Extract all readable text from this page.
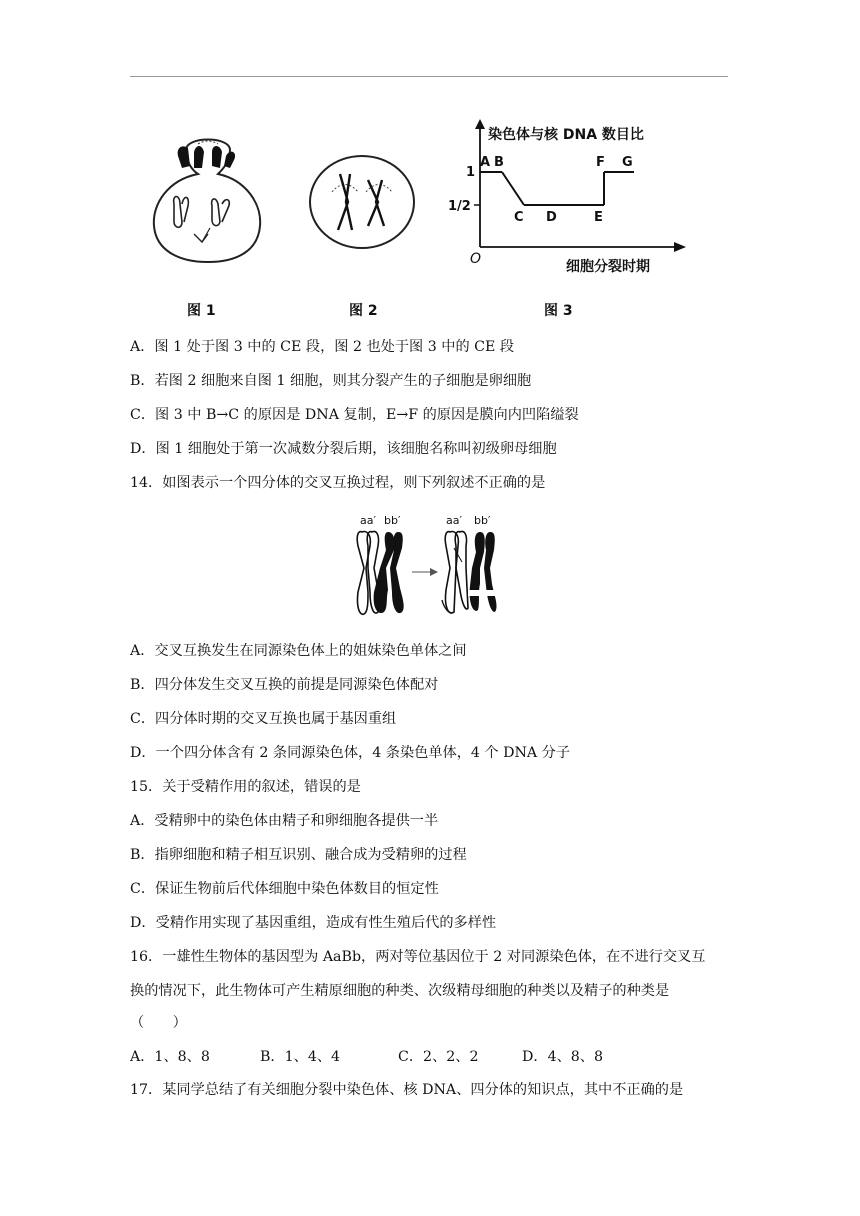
染色体与核 DNA 数目比
细胞分裂时期
O
1
1/2
A B
C D	E
F G
图 1	图 2	图 3
A．图 1 处于图 3 中的 CE 段，图 2 也处于图 3 中的 CE 段
B．若图 2 细胞来自图 1 细胞，则其分裂产生的子细胞是卵细胞
C．图 3 中 B→C 的原因是 DNA 复制，E→F 的原因是膜向内凹陷缢裂
D．图 1 细胞处于第一次减数分裂后期，该细胞名称叫初级卵母细胞
14．如图表示一个四分体的交叉互换过程，则下列叙述不正确的是
aa′ bb′	aa′ bb′
A．交叉互换发生在同源染色体上的姐妹染色单体之间
B．四分体发生交叉互换的前提是同源染色体配对
C．四分体时期的交叉互换也属于基因重组
D．一个四分体含有 2 条同源染色体，4 条染色单体，4 个 DNA 分子
15．关于受精作用的叙述，错误的是
A．受精卵中的染色体由精子和卵细胞各提供一半
B．指卵细胞和精子相互识别、融合成为受精卵的过程
C．保证生物前后代体细胞中染色体数目的恒定性
D．受精作用实现了基因重组，造成有性生殖后代的多样性
16．一雄性生物体的基因型为 AaBb，两对等位基因位于 2 对同源染色体，在不进行交叉互
换的情况下，此生物体可产生精原细胞的种类、次级精母细胞的种类以及精子的种类是
（　　）
A．1、8、8	B．1、4、4	C．2、2、2	D．4、8、8
17．某同学总结了有关细胞分裂中染色体、核 DNA、四分体的知识点，其中不正确的是
